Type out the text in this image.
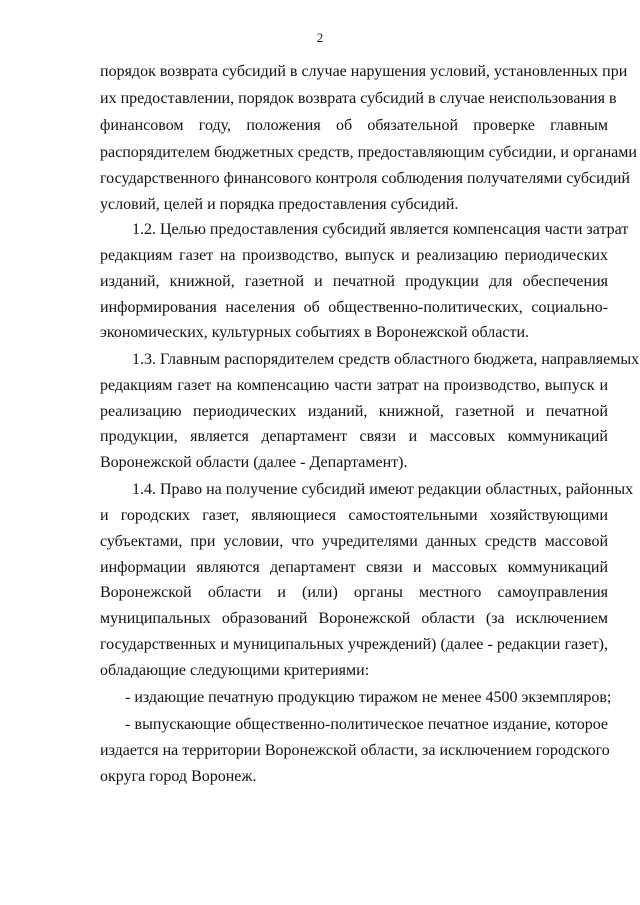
2
порядок возврата субсидий в случае нарушения условий, установленных при
их предоставлении, порядок возврата субсидий в случае неиспользования в
финансовом году, положения об обязательной проверке главным
распорядителем бюджетных средств, предоставляющим субсидии, и органами
государственного финансового контроля соблюдения получателями субсидий
условий, целей и порядка предоставления субсидий.
1.2. Целью предоставления субсидий является компенсация части затрат
редакциям газет на производство, выпуск и реализацию периодических
изданий, книжной, газетной и печатной продукции для обеспечения
информирования населения об общественно-политических, социально-
экономических, культурных событиях в Воронежской области.
1.3. Главным распорядителем средств областного бюджета, направляемых
редакциям газет на компенсацию части затрат на производство, выпуск и
реализацию периодических изданий, книжной, газетной и печатной
продукции, является департамент связи и массовых коммуникаций
Воронежской области (далее - Департамент).
1.4. Право на получение субсидий имеют редакции областных, районных
и городских газет, являющиеся самостоятельными хозяйствующими
субъектами, при условии, что учредителями данных средств массовой
информации являются департамент связи и массовых коммуникаций
Воронежской области и (или) органы местного самоуправления
муниципальных образований Воронежской области (за исключением
государственных и муниципальных учреждений) (далее - редакции газет),
обладающие следующими критериями:
- издающие печатную продукцию тиражом не менее 4500 экземпляров;
- выпускающие общественно-политическое печатное издание, которое
издается на территории Воронежской области, за исключением городского
округа город Воронеж.
